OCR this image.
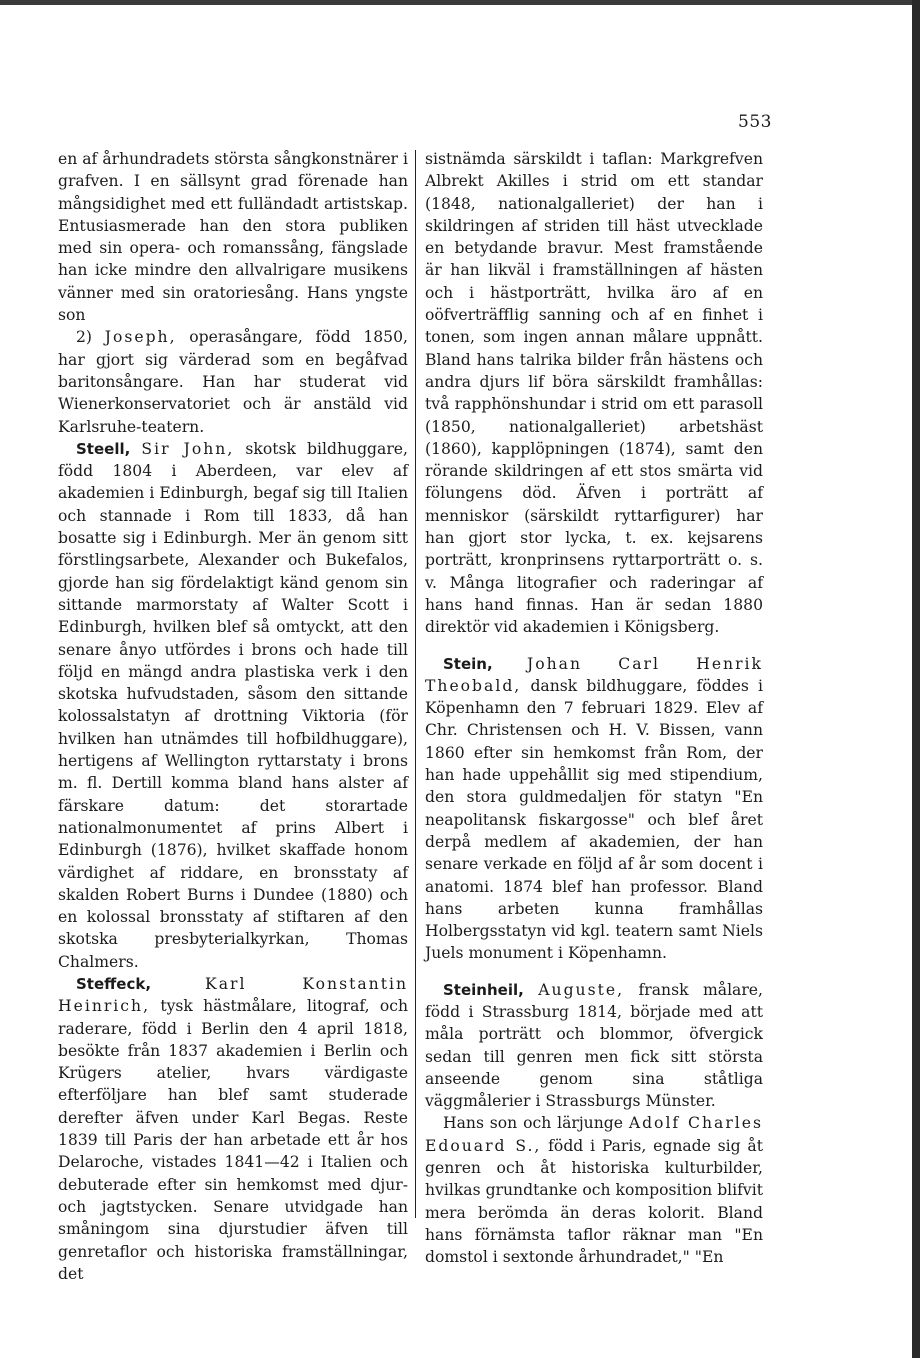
553

en af århundradets största sångkonstnärer i grafven. I en sällsynt grad förenade han mångsidighet med ett fulländadt artistskap. Entusiasmerade han den stora publiken med sin opera- och romanssång, fängslade han icke mindre den allvalrigare musikens vänner med sin oratoriesång. Hans yngste son

2) Joseph, operasångare, född 1850, har gjort sig värderad som en begåfvad baritonsångare. Han har studerat vid Wienerkonservatoriet och är anstäld vid Karlsruhe-teatern.

Steell, Sir John, skotsk bildhuggare, född 1804 i Aberdeen, var elev af akademien i Edinburgh, begaf sig till Italien och stannade i Rom till 1833, då han bosatte sig i Edinburgh. Mer än genom sitt förstlingsarbete, Alexander och Bukefalos, gjorde han sig fördelaktigt känd genom sin sittande marmorstaty af Walter Scott i Edinburgh, hvilken blef så omtyckt, att den senare ånyo utfördes i brons och hade till följd en mängd andra plastiska verk i den skotska hufvudstaden, såsom den sittande kolossalstatyn af drottning Viktoria (för hvilken han utnämdes till hofbildhuggare), hertigens af Wellington ryttarstaty i brons m. fl. Dertill komma bland hans alster af färskare datum: det storartade nationalmonumentet af prins Albert i Edinburgh (1876), hvilket skaffade honom värdighet af riddare, en bronsstaty af skalden Robert Burns i Dundee (1880) och en kolossal bronsstaty af stiftaren af den skotska presbyterialkyrkan, Thomas Chalmers.

Steffeck,	Karl Konstantin Heinrich, tysk hästmålare, litograf, och raderare, född i Berlin den 4 april 1818, besökte från 1837 akademien i Berlin och Krügers atelier, hvars värdigaste efterföljare han blef samt studerade derefter äfven under Karl Begas. Reste 1839 till Paris der han arbetade ett år hos Delaroche, vistades 1841—42 i Italien och debuterade efter sin hemkomst med djur- och jagtstycken. Senare utvidgade han småningom sina djurstudier äfven till genretaflor och historiska framställningar, det

sistnämda särskildt i taflan: Markgrefven Albrekt Akilles i strid om ett standar (1848, nationalgalleriet) der han i skildringen af striden till häst utvecklade en betydande bravur. Mest framstående är han likväl i framställningen af hästen och i hästporträtt, hvilka äro af en oöfverträfflig sanning och af en finhet i tonen, som ingen annan målare uppnått. Bland hans talrika bilder från hästens och andra djurs lif böra särskildt framhållas: två rapphönshundar i strid om ett parasoll (1850, nationalgalleriet) arbetshäst (1860), kapplöpningen (1874), samt den rörande skildringen af ett stos smärta vid fölungens död. Äfven i porträtt af menniskor (särskildt ryttarfigurer) har han gjort stor lycka, t. ex. kejsarens porträtt, kronprinsens ryttarporträtt o. s. v. Många litografier och raderingar af hans hand finnas. Han är sedan 1880 direktör vid akademien i Königsberg.

Stein, Johan Carl Henrik Theobald, dansk bildhuggare, föddes i Köpenhamn den 7 februari 1829. Elev af Chr. Christensen och H. V. Bissen, vann 1860 efter sin hemkomst från Rom, der han hade uppehållit sig med stipendium, den stora guldmedaljen för statyn "En neapolitansk fiskargosse" och blef året derpå medlem af akademien, der han senare verkade en följd af år som docent i anatomi. 1874 blef han professor. Bland hans arbeten kunna framhållas Holbergsstatyn vid kgl. teatern samt Niels Juels monument i Köpenhamn.

Steinheil, Auguste, fransk målare, född i Strassburg 1814, började med att måla porträtt och blommor, öfvergick sedan till genren men fick sitt största anseende genom sina ståtliga väggmålerier i Strassburgs Münster.

Hans son och lärjunge Adolf Charles Edouard S., född i Paris, egnade sig åt genren och åt historiska kulturbilder, hvilkas grundtanke och komposition blifvit mera berömda än deras kolorit. Bland hans förnämsta taflor räknar man "En domstol i sextonde århundradet," "En
